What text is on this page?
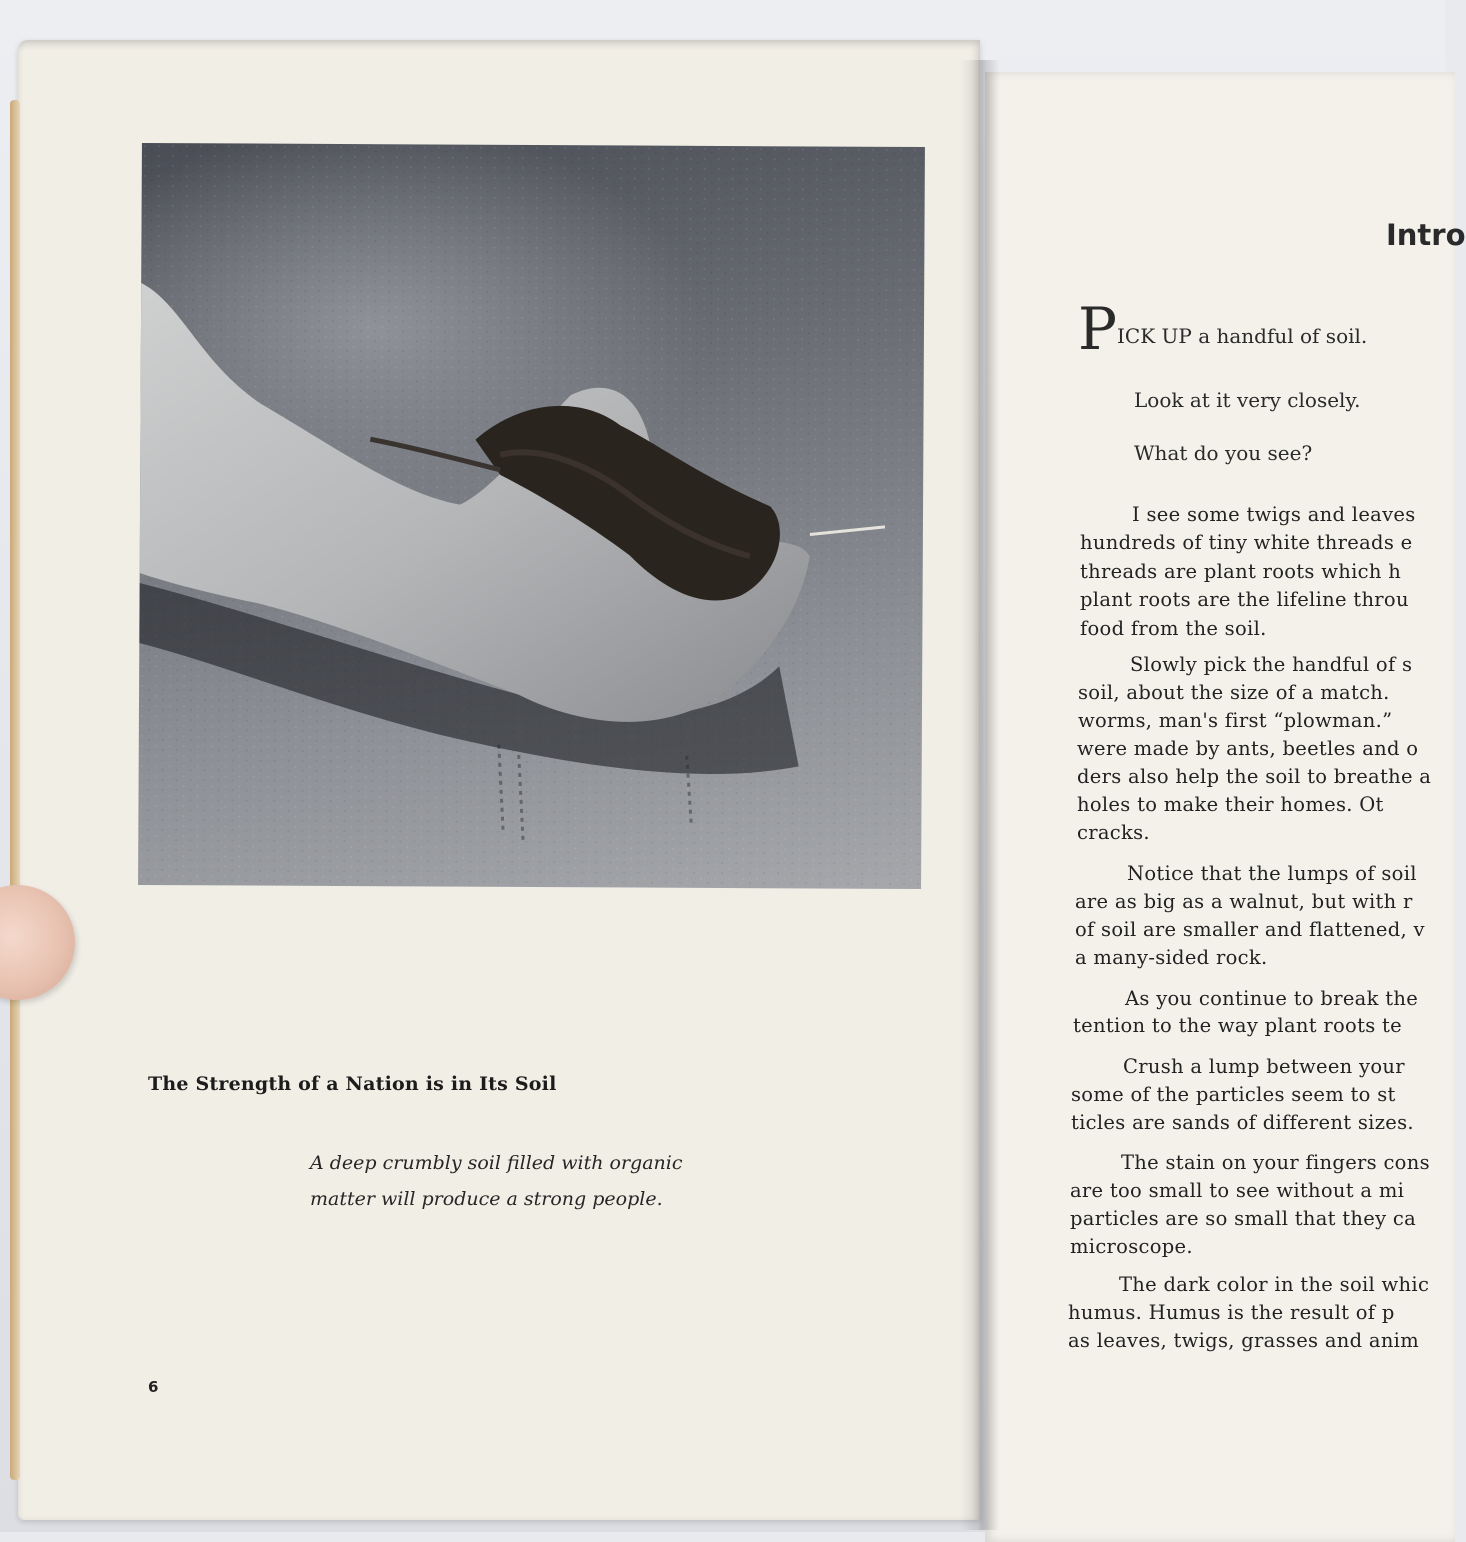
The Strength of a Nation is in Its Soil
A deep crumbly soil filled with organic
matter will produce a strong people.
6
Intro
PICK UP a handful of soil.
Look at it very closely.
What do you see?
I see some twigs and leaves
hundreds of tiny white threads e
threads are plant roots which h
plant roots are the lifeline throu
food from the soil.
Slowly pick the handful of s
soil, about the size of a match.
worms, man's first “plowman.”
were made by ants, beetles and o
ders also help the soil to breathe a
holes to make their homes. Ot
cracks.
Notice that the lumps of soil
are as big as a walnut, but with r
of soil are smaller and flattened, v
a many-sided rock.
As you continue to break the
tention to the way plant roots te
Crush a lump between your
some of the particles seem to st
ticles are sands of different sizes.
The stain on your fingers cons
are too small to see without a mi
particles are so small that they ca
microscope.
The dark color in the soil whic
humus. Humus is the result of p
as leaves, twigs, grasses and anim
